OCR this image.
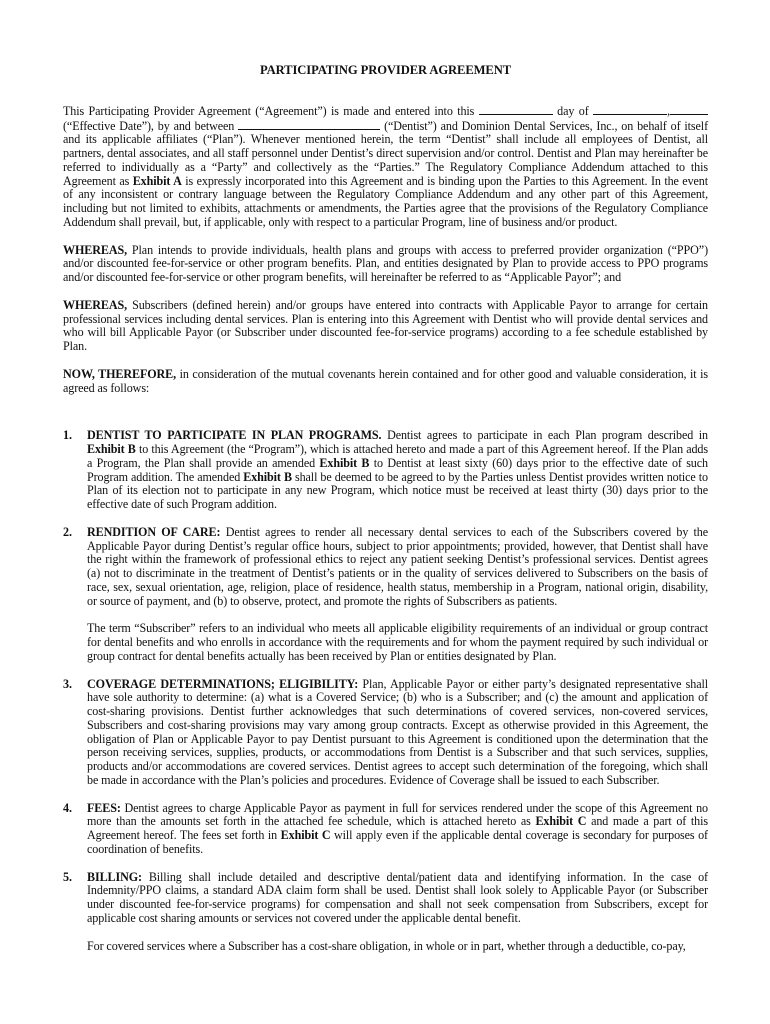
PARTICIPATING PROVIDER AGREEMENT

This Participating Provider Agreement (“Agreement”) is made and entered into this	day of	, (“Effective Date”), by and between	(“Dentist”) and Dominion Dental Services, Inc., on behalf of itself and its applicable affiliates (“Plan”). Whenever mentioned herein, the term “Dentist” shall include all employees of Dentist, all partners, dental associates, and all staff personnel under Dentist’s direct supervision and/or control. Dentist and Plan may hereinafter be referred to individually as a “Party” and collectively as the “Parties.” The Regulatory Compliance Addendum attached to this Agreement as Exhibit A is expressly incorporated into this Agreement and is binding upon the Parties to this Agreement. In the event of any inconsistent or contrary language between the Regulatory Compliance Addendum and any other part of this Agreement, including but not limited to exhibits, attachments or amendments, the Parties agree that the provisions of the Regulatory Compliance Addendum shall prevail, but, if applicable, only with respect to a particular Program, line of business and/or product.

WHEREAS, Plan intends to provide individuals, health plans and groups with access to preferred provider organization (“PPO”) and/or discounted fee-for-service or other program benefits. Plan, and entities designated by Plan to provide access to PPO programs and/or discounted fee-for-service or other program benefits, will hereinafter be referred to as “Applicable Payor”; and

WHEREAS, Subscribers (defined herein) and/or groups have entered into contracts with Applicable Payor to arrange for certain professional services including dental services. Plan is entering into this Agreement with Dentist who will provide dental services and who will bill Applicable Payor (or Subscriber under discounted fee-for-service programs) according to a fee schedule established by Plan.

NOW, THEREFORE, in consideration of the mutual covenants herein contained and for other good and valuable consideration, it is agreed as follows:

1. DENTIST TO PARTICIPATE IN PLAN PROGRAMS. Dentist agrees to participate in each Plan program described in Exhibit B to this Agreement (the “Program”), which is attached hereto and made a part of this Agreement hereof. If the Plan adds a Program, the Plan shall provide an amended Exhibit B to Dentist at least sixty (60) days prior to the effective date of such Program addition. The amended Exhibit B shall be deemed to be agreed to by the Parties unless Dentist provides written notice to Plan of its election not to participate in any new Program, which notice must be received at least thirty (30) days prior to the effective date of such Program addition.
2. RENDITION OF CARE: Dentist agrees to render all necessary dental services to each of the Subscribers covered by the Applicable Payor during Dentist’s regular office hours, subject to prior appointments; provided, however, that Dentist shall have the right within the framework of professional ethics to reject any patient seeking Dentist’s professional services. Dentist agrees (a) not to discriminate in the treatment of Dentist’s patients or in the quality of services delivered to Subscribers on the basis of race, sex, sexual orientation, age, religion, place of residence, health status, membership in a Program, national origin, disability, or source of payment, and (b) to observe, protect, and promote the rights of Subscribers as patients.
The term “Subscriber” refers to an individual who meets all applicable eligibility requirements of an individual or group contract for dental benefits and who enrolls in accordance with the requirements and for whom the payment required by such individual or group contract for dental benefits actually has been received by Plan or entities designated by Plan.
3. COVERAGE DETERMINATIONS; ELIGIBILITY: Plan, Applicable Payor or either party’s designated representative shall have sole authority to determine: (a) what is a Covered Service; (b) who is a Subscriber; and (c) the amount and application of cost-sharing provisions. Dentist further acknowledges that such determinations of covered services, non-covered services, Subscribers and cost-sharing provisions may vary among group contracts. Except as otherwise provided in this Agreement, the obligation of Plan or Applicable Payor to pay Dentist pursuant to this Agreement is conditioned upon the determination that the person receiving services, supplies, products, or accommodations from Dentist is a Subscriber and that such services, supplies, products and/or accommodations are covered services. Dentist agrees to accept such determination of the foregoing, which shall be made in accordance with the Plan’s policies and procedures. Evidence of Coverage shall be issued to each Subscriber.
4. FEES: Dentist agrees to charge Applicable Payor as payment in full for services rendered under the scope of this Agreement no more than the amounts set forth in the attached fee schedule, which is attached hereto as Exhibit C and made a part of this Agreement hereof. The fees set forth in Exhibit C will apply even if the applicable dental coverage is secondary for purposes of coordination of benefits.
5. BILLING: Billing shall include detailed and descriptive dental/patient data and identifying information. In the case of Indemnity/PPO claims, a standard ADA claim form shall be used. Dentist shall look solely to Applicable Payor (or Subscriber under discounted fee-for-service programs) for compensation and shall not seek compensation from Subscribers, except for applicable cost sharing amounts or services not covered under the applicable dental benefit.
For covered services where a Subscriber has a cost-share obligation, in whole or in part, whether through a deductible, co-pay,
